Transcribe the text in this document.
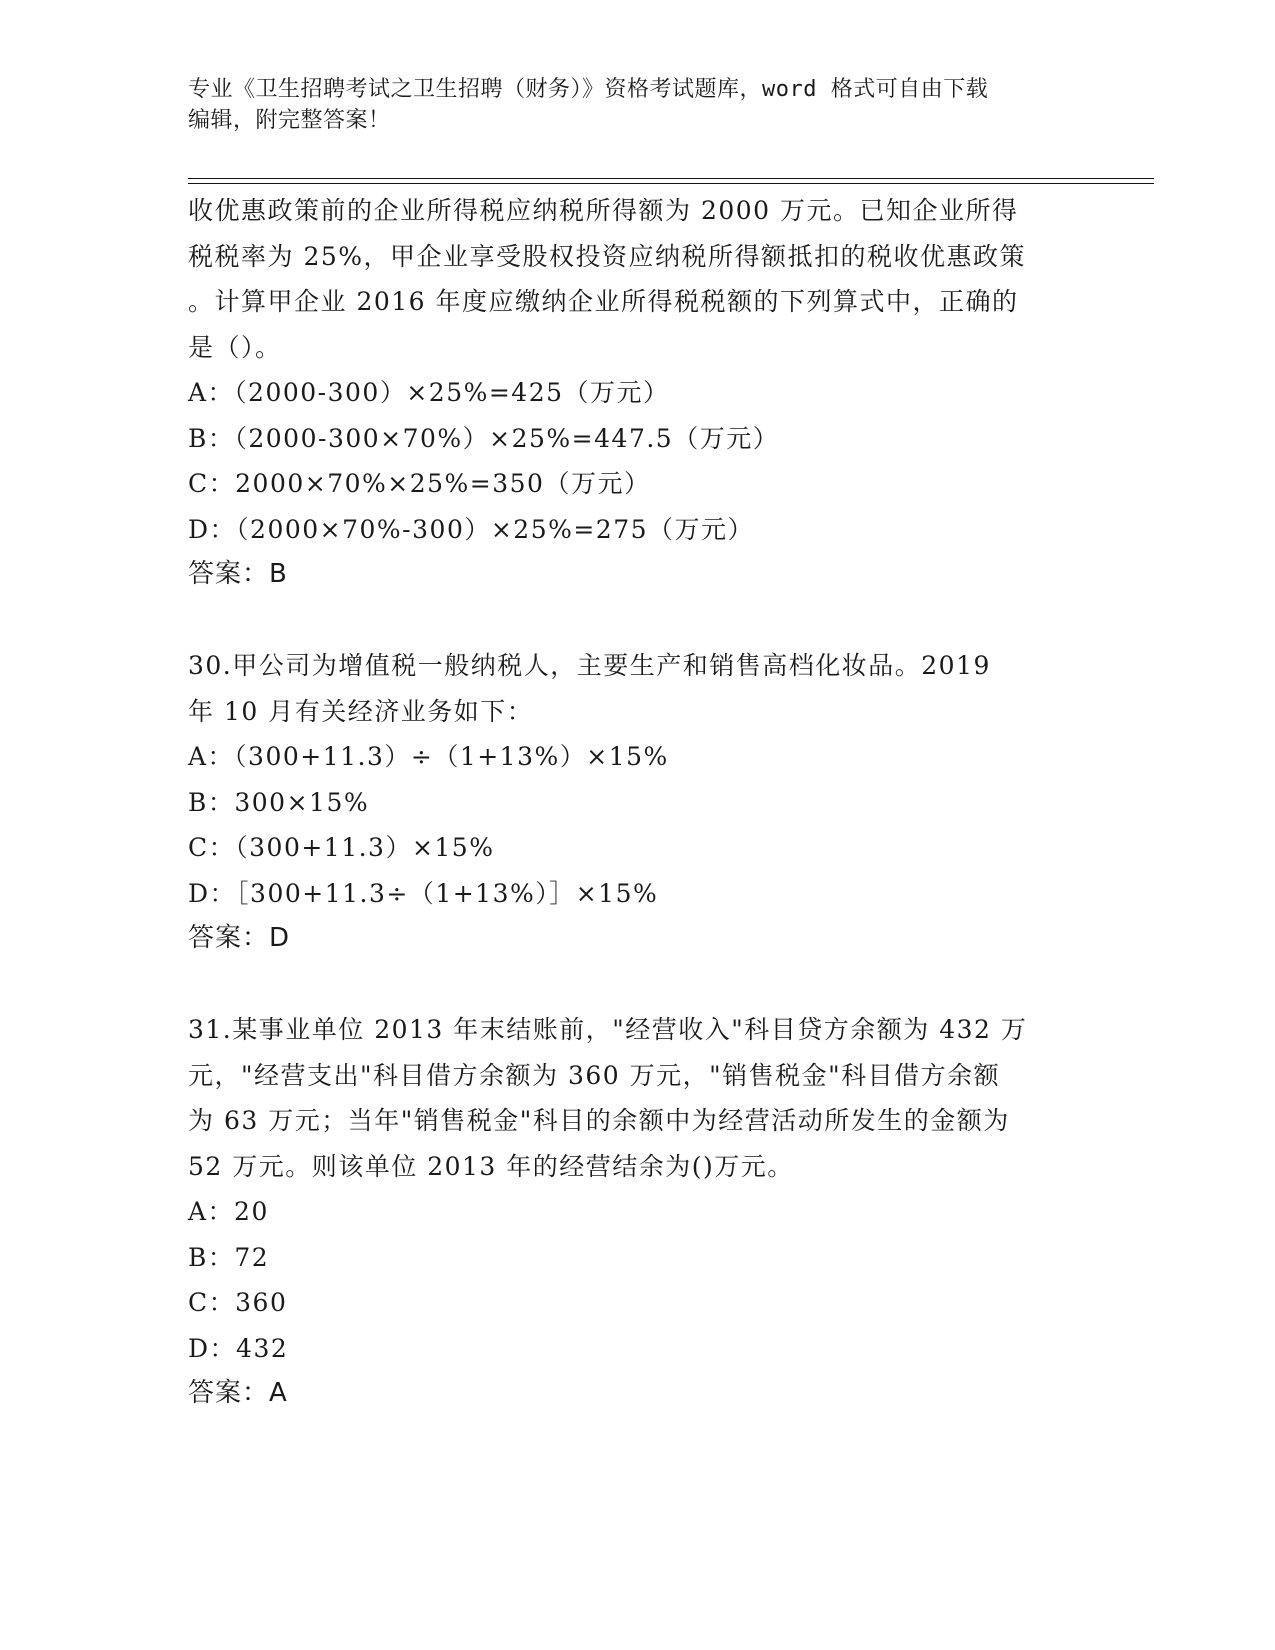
专业《卫生招聘考试之卫生招聘（财务）》资格考试题库，word 格式可自由下载
编辑，附完整答案！
收优惠政策前的企业所得税应纳税所得额为 2000 万元。已知企业所得
税税率为 25%，甲企业享受股权投资应纳税所得额抵扣的税收优惠政策
。计算甲企业 2016 年度应缴纳企业所得税税额的下列算式中，正确的
是（）。
A：（2000-300）×25%=425（万元）
B：（2000-300×70%）×25%=447.5（万元）
C：2000×70%×25%=350（万元）
D：（2000×70%-300）×25%=275（万元）
答案：B
30.甲公司为增值税一般纳税人，主要生产和销售高档化妆品。2019
年 10 月有关经济业务如下：
A：（300+11.3）÷（1+13%）×15%
B：300×15%
C：（300+11.3）×15%
D：［300+11.3÷（1+13%）］×15%
答案：D
31.某事业单位 2013 年末结账前，"经营收入"科目贷方余额为 432 万
元，"经营支出"科目借方余额为 360 万元，"销售税金"科目借方余额
为 63 万元；当年"销售税金"科目的余额中为经营活动所发生的金额为
52 万元。则该单位 2013 年的经营结余为()万元。
A：20
B：72
C：360
D：432
答案：A
